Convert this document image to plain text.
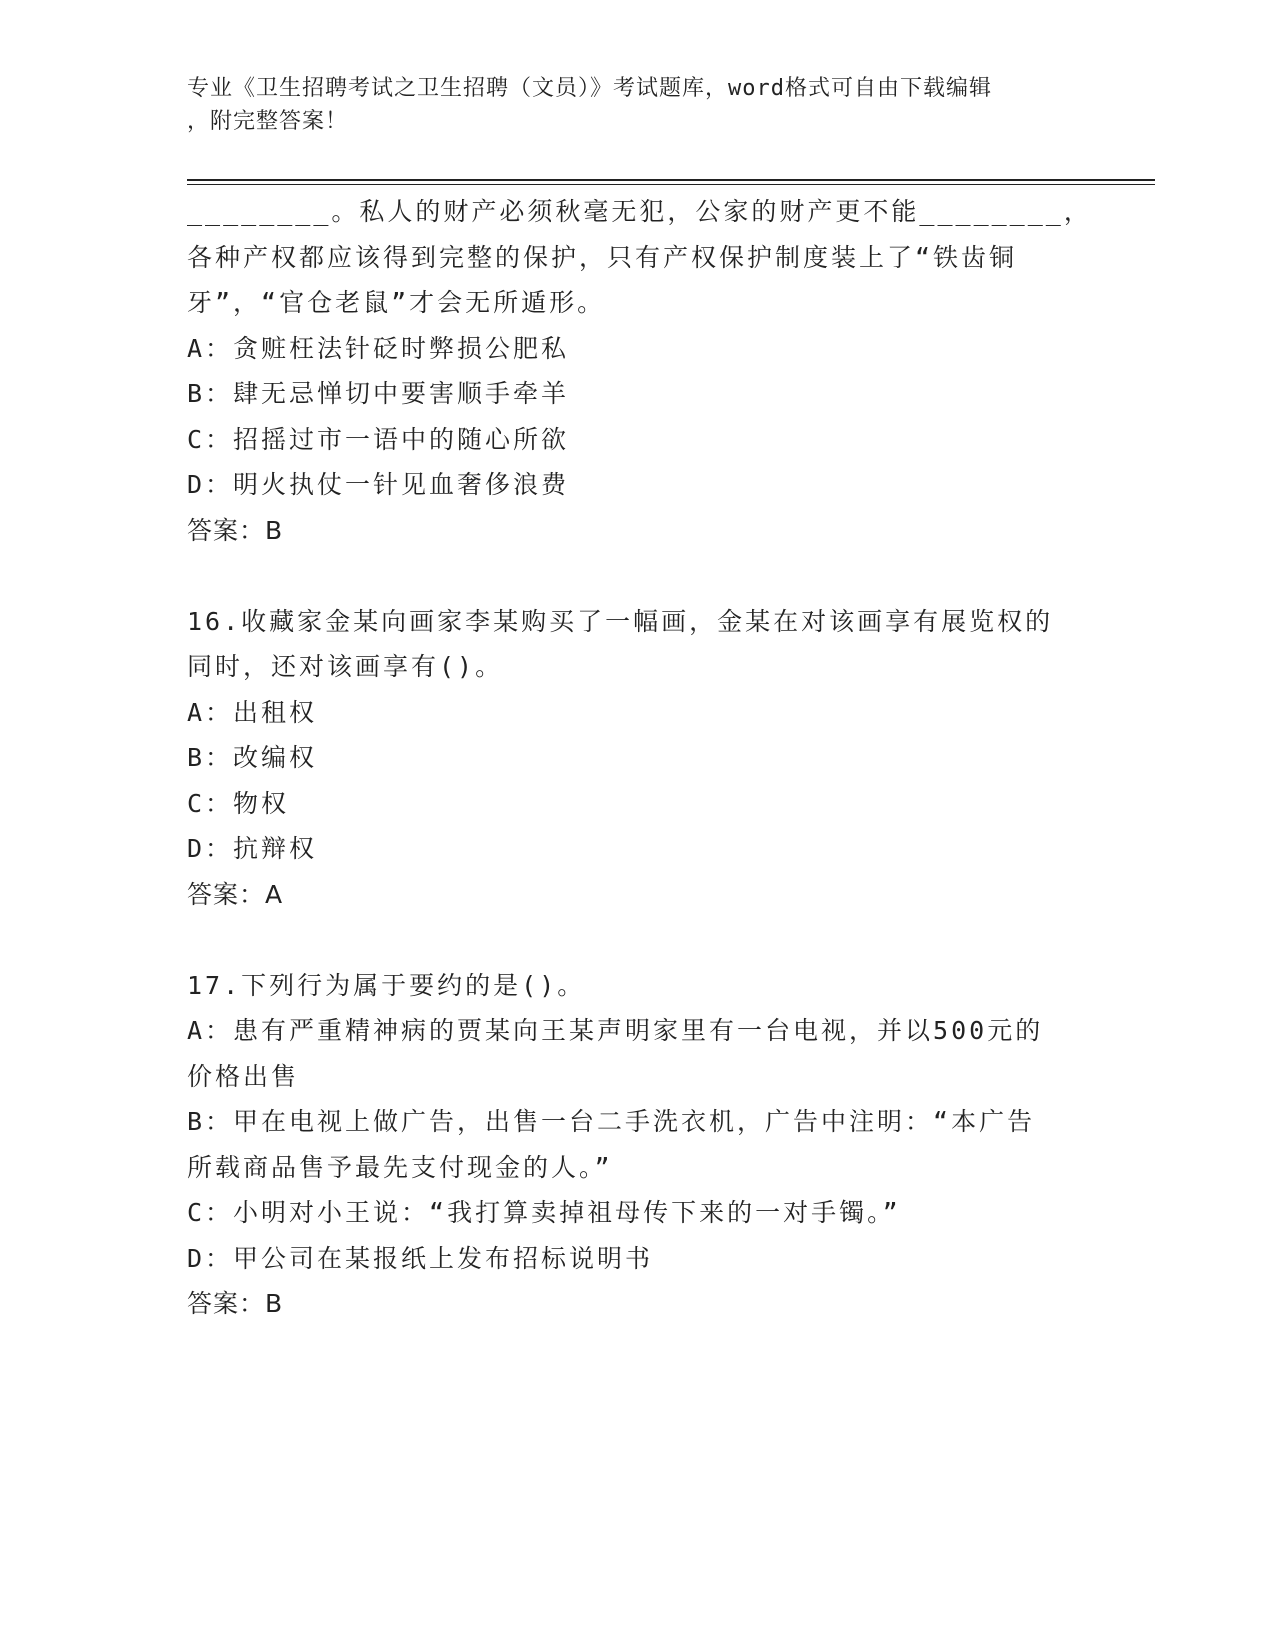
专业《卫生招聘考试之卫生招聘（文员）》考试题库，word格式可自由下载编辑
，附完整答案！
________。私人的财产必须秋毫无犯，公家的财产更不能________，
各种产权都应该得到完整的保护，只有产权保护制度装上了“铁齿铜
牙”，“官仓老鼠”才会无所遁形。
A：贪赃枉法针砭时弊损公肥私
B：肆无忌惮切中要害顺手牵羊
C：招摇过市一语中的随心所欲
D：明火执仗一针见血奢侈浪费
答案：B
16.收藏家金某向画家李某购买了一幅画，金某在对该画享有展览权的
同时，还对该画享有()。
A：出租权
B：改编权
C：物权
D：抗辩权
答案：A
17.下列行为属于要约的是()。
A：患有严重精神病的贾某向王某声明家里有一台电视，并以500元的
价格出售
B：甲在电视上做广告，出售一台二手洗衣机，广告中注明：“本广告
所载商品售予最先支付现金的人。”
C：小明对小王说：“我打算卖掉祖母传下来的一对手镯。”
D：甲公司在某报纸上发布招标说明书
答案：B
